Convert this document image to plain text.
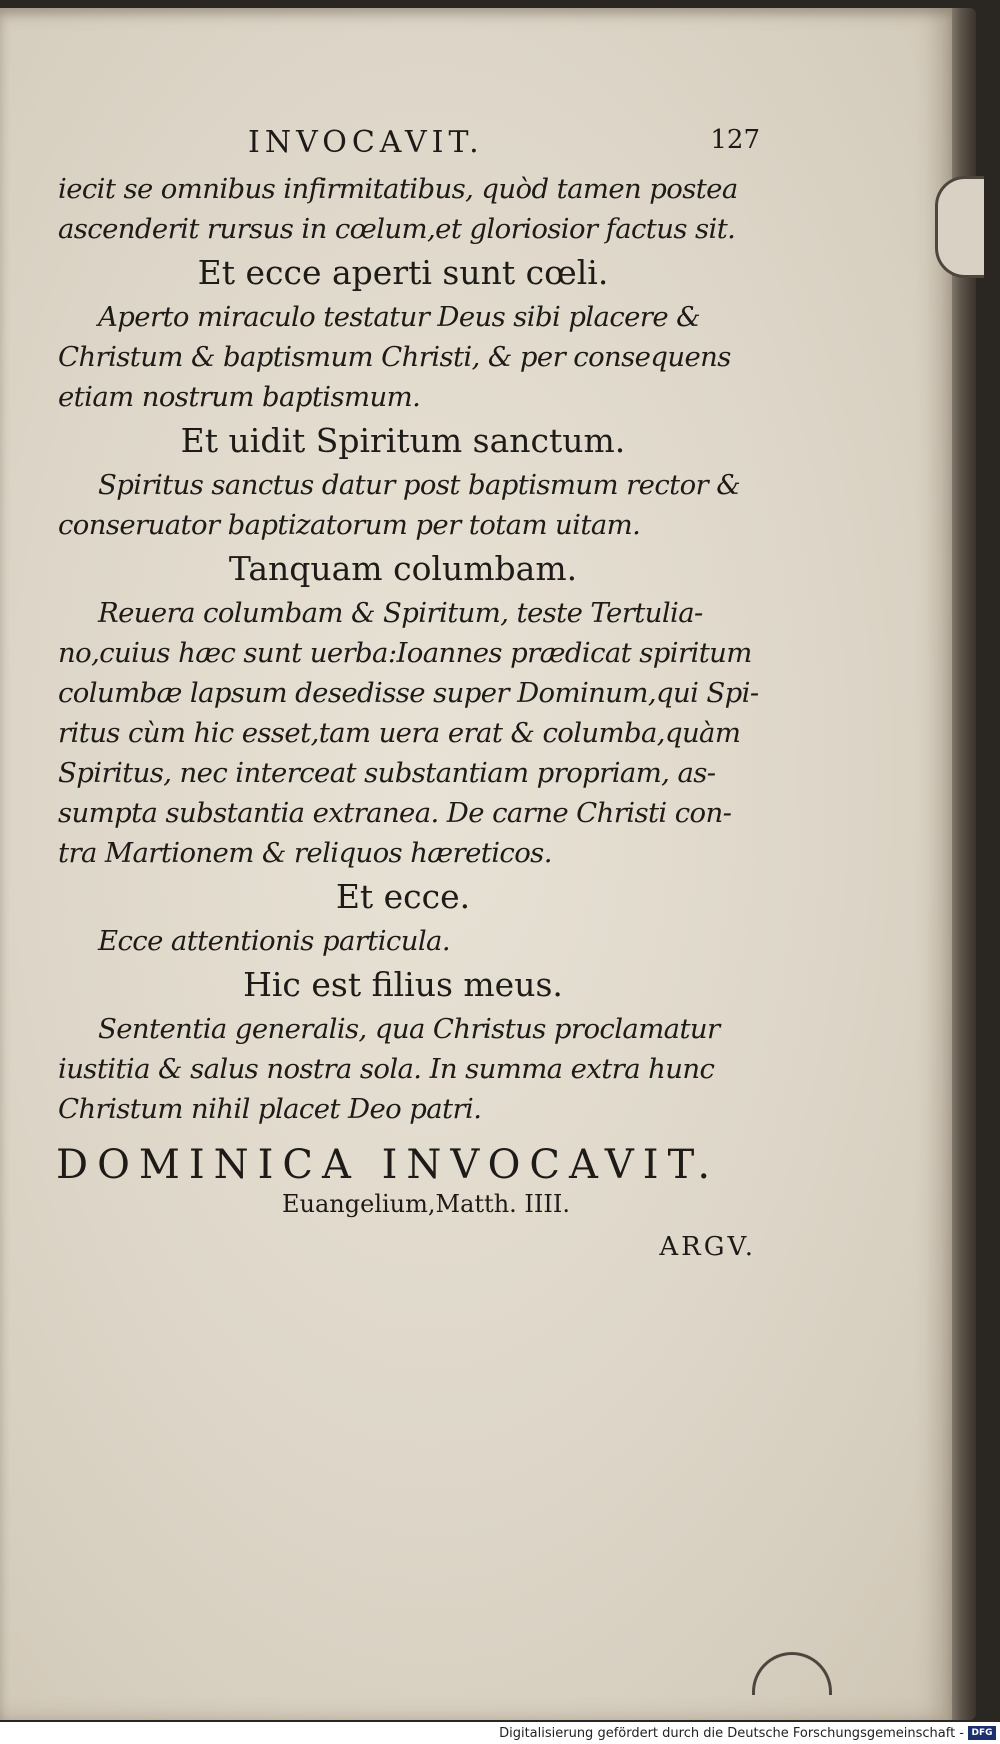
INVOCAVIT.	127
iecit se omnibus infirmitatibus, quòd tamen postea
ascenderit rursus in cœlum,et gloriosior factus sit.
Et ecce aperti sunt cœli.
Aperto miraculo testatur Deus sibi placere &
Christum & baptismum Christi, & per consequens
etiam nostrum baptismum.
Et uidit Spiritum sanctum.
Spiritus sanctus datur post baptismum rector &
conseruator baptizatorum per totam uitam.
Tanquam columbam.
Reuera columbam & Spiritum, teste Tertulia-
no,cuius hæc sunt uerba:Ioannes prædicat spiritum
columbæ lapsum desedisse super Dominum,qui Spi-
ritus cùm hic esset,tam uera erat & columba,quàm
Spiritus, nec interceat substantiam propriam, as-
sumpta substantia extranea. De carne Christi con-
tra Martionem & reliquos hæreticos.
Et ecce.
Ecce attentionis particula.
Hic est filius meus.
Sententia generalis, qua Christus proclamatur
iustitia & salus nostra sola. In summa extra hunc
Christum nihil placet Deo patri.
DOMINICA INVOCAVIT.
Euangelium,Matth. IIII.
ARGV.
Digitalisierung gefördert durch die Deutsche Forschungsgemeinschaft - DFG
